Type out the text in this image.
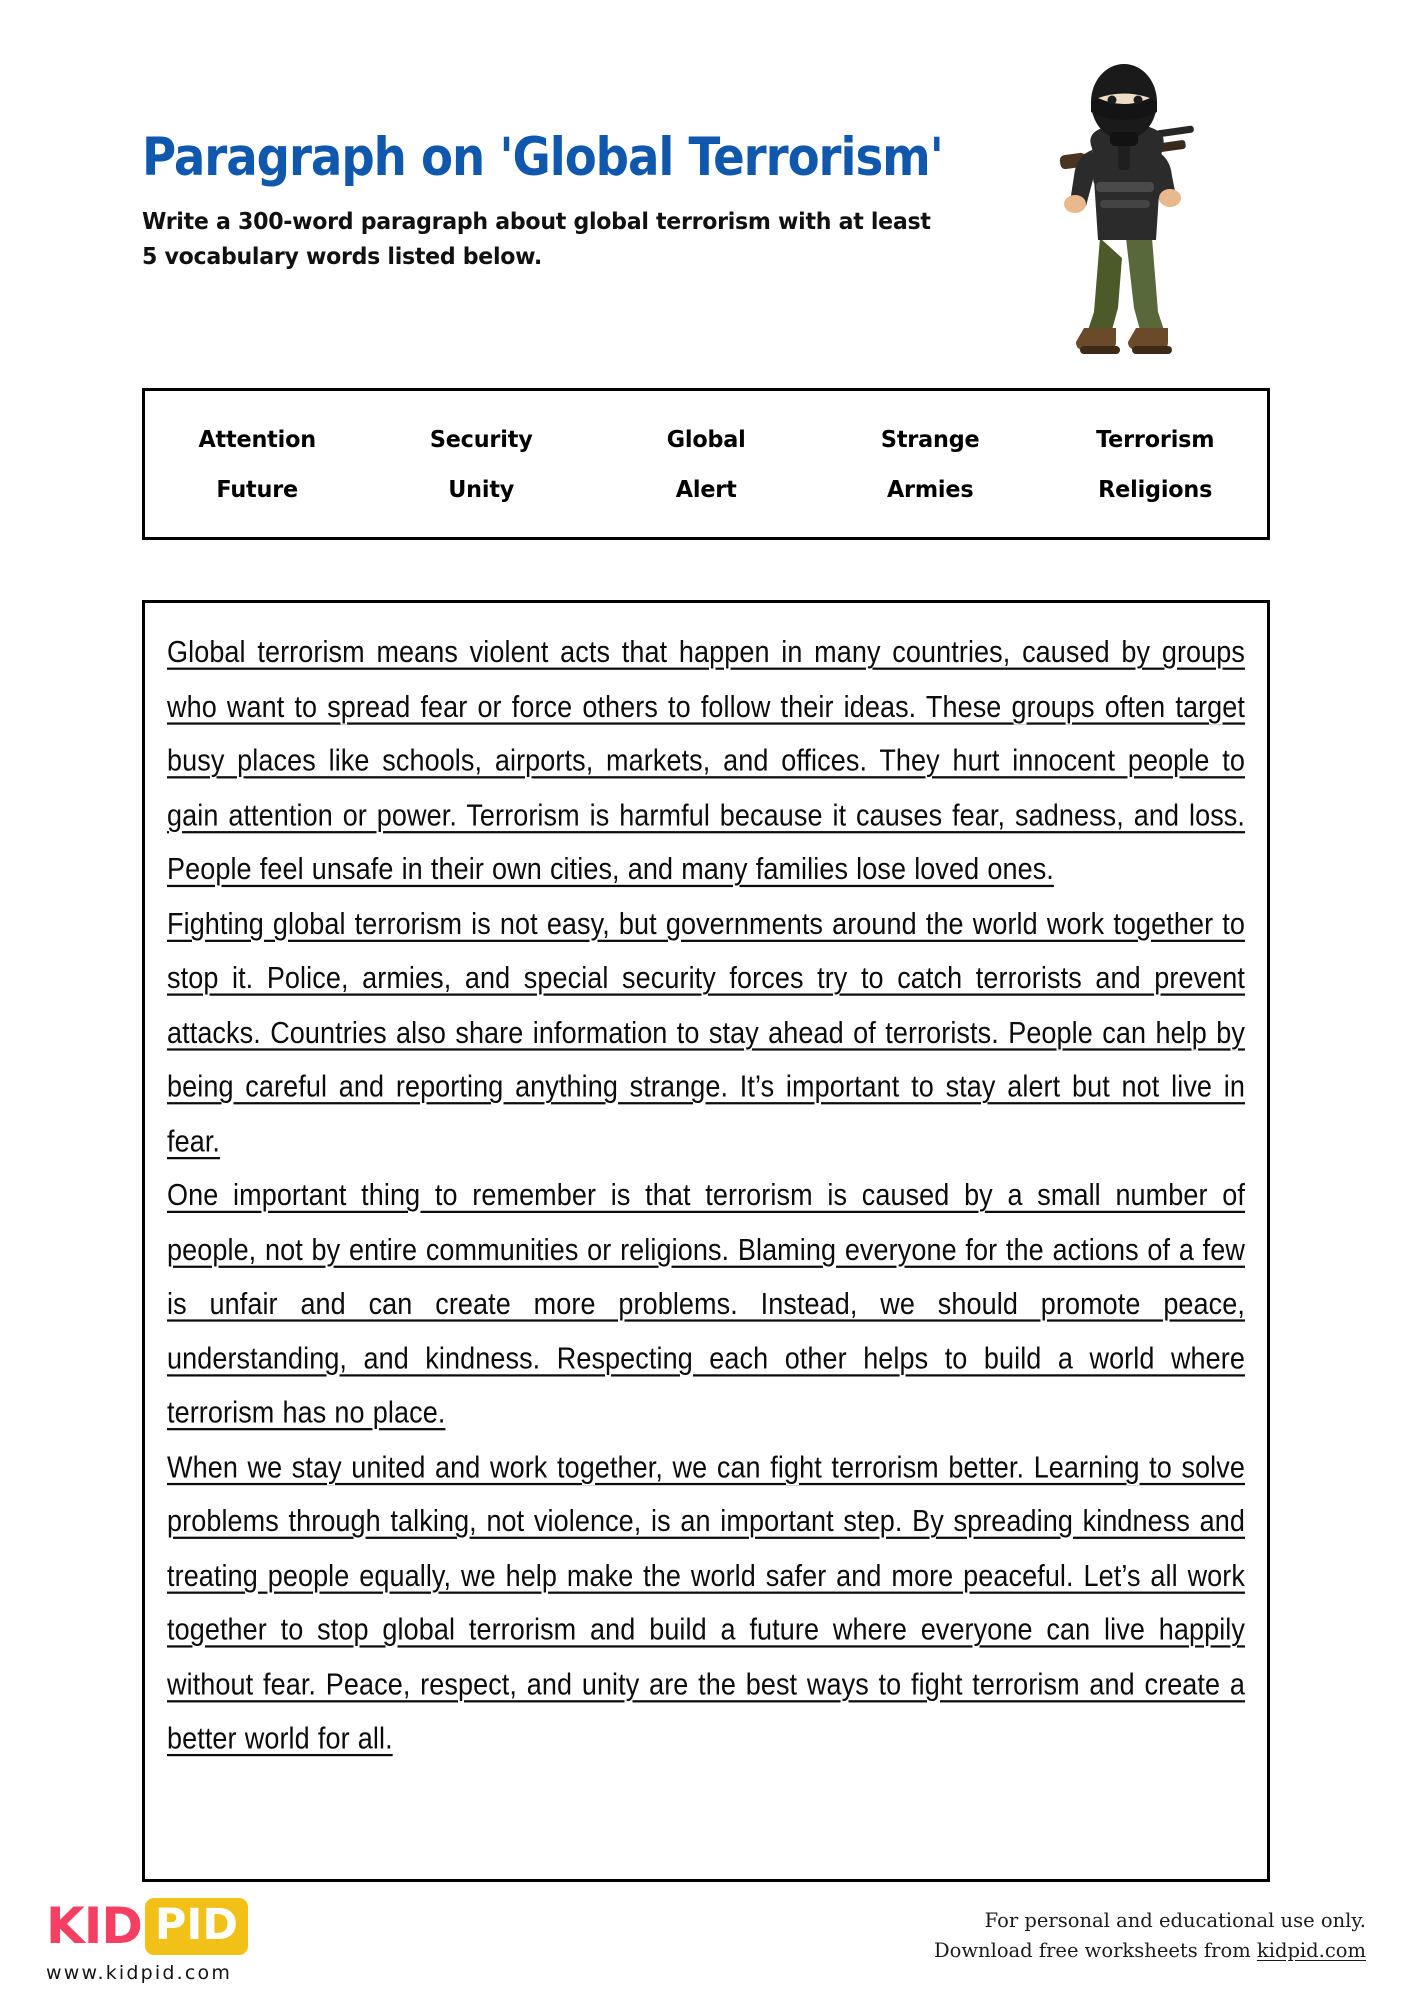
Paragraph on 'Global Terrorism'
Write a 300-word paragraph about global terrorism with at least 5 vocabulary words listed below.
Attention	Security	Global	Strange	Terrorism
Future	Unity	Alert	Armies	Religions

Global terrorism means violent acts that happen in many countries, caused by groups who want to spread fear or force others to follow their ideas. These groups often target busy places like schools, airports, markets, and offices. They hurt innocent people to gain attention or power. Terrorism is harmful because it causes fear, sadness, and loss. People feel unsafe in their own cities, and many families lose loved ones.

Fighting global terrorism is not easy, but governments around the world work together to stop it. Police, armies, and special security forces try to catch terrorists and prevent attacks. Countries also share information to stay ahead of terrorists. People can help by being careful and reporting anything strange. It’s important to stay alert but not live in fear.

One important thing to remember is that terrorism is caused by a small number of people, not by entire communities or religions. Blaming everyone for the actions of a few is unfair and can create more problems. Instead, we should promote peace, understanding, and kindness. Respecting each other helps to build a world where terrorism has no place.

When we stay united and work together, we can fight terrorism better. Learning to solve problems through talking, not violence, is an important step. By spreading kindness and treating people equally, we help make the world safer and more peaceful. Let’s all work together to stop global terrorism and build a future where everyone can live happily without fear. Peace, respect, and unity are the best ways to fight terrorism and create a better world for all.

KID PID
www.kidpid.com
For personal and educational use only.
Download free worksheets from kidpid.com
